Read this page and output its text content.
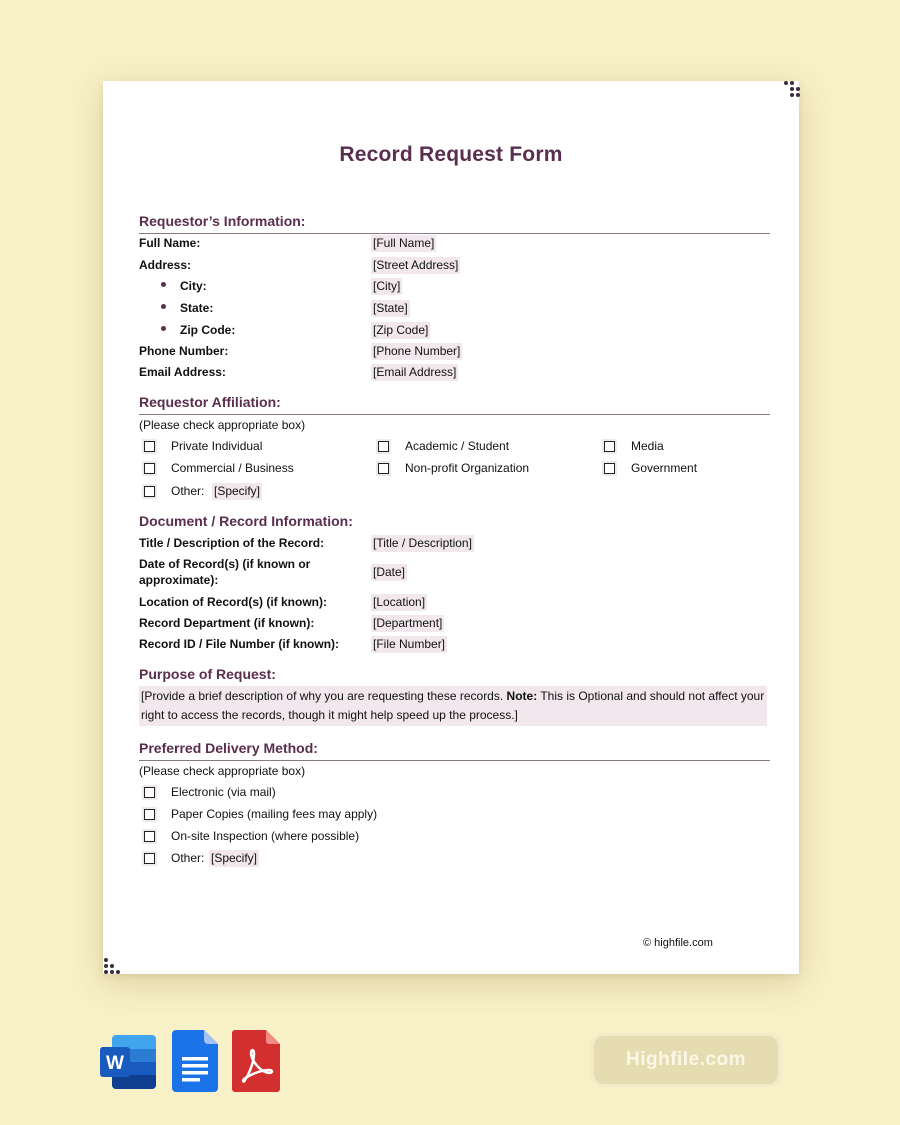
Record Request Form
Requestor’s Information:
Full Name:	[Full Name]
Address:	[Street Address]
City:	[City]
State:	[State]
Zip Code:	[Zip Code]
Phone Number:	[Phone Number]
Email Address:	[Email Address]
Requestor Affiliation:
(Please check appropriate box)
Private Individual	Academic / Student	Media
Commercial / Business	Non-profit Organization	Government
Other: [Specify]
Document / Record Information:
Title / Description of the Record:	[Title / Description]
Date of Record(s) (if known or
approximate):
[Date]
Location of Record(s) (if known):	[Location]
Record Department (if known):	[Department]
Record ID / File Number (if known):	[File Number]
Purpose of Request:
[Provide a brief description of why you are requesting these records. Note: This is Optional and should not affect your right to access the records, though it might help speed up the process.]
Preferred Delivery Method:
(Please check appropriate box)
Electronic (via mail)
Paper Copies (mailing fees may apply)
On-site Inspection (where possible)
Other: [Specify]
© highfile.com
W	Highfile.com
